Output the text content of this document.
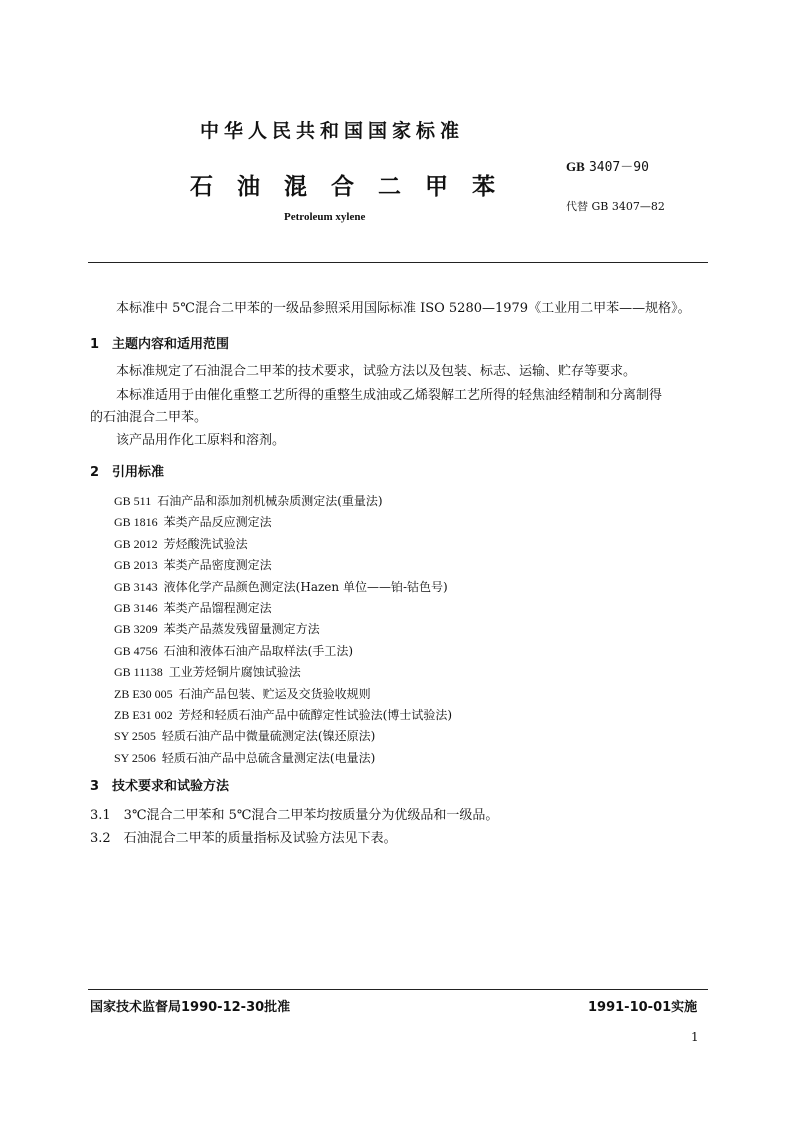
中华人民共和国国家标准
石油混合二甲苯
Petroleum xylene
GB 3407－90
代替 GB 3407—82
本标准中 5℃混合二甲苯的一级品参照采用国际标准 ISO 5280—1979《工业用二甲苯——规格》。
1　主题内容和适用范围
本标准规定了石油混合二甲苯的技术要求，试验方法以及包装、标志、运输、贮存等要求。
本标准适用于由催化重整工艺所得的重整生成油或乙烯裂解工艺所得的轻焦油经精制和分离制得
的石油混合二甲苯。
该产品用作化工原料和溶剂。
2　引用标准
GB 511 石油产品和添加剂机械杂质测定法(重量法)
GB 1816 苯类产品反应测定法
GB 2012 芳烃酸洗试验法
GB 2013 苯类产品密度测定法
GB 3143 液体化学产品颜色测定法(Hazen 单位——铂-钴色号)
GB 3146 苯类产品馏程测定法
GB 3209 苯类产品蒸发残留量测定方法
GB 4756 石油和液体石油产品取样法(手工法)
GB 11138 工业芳烃铜片腐蚀试验法
ZB E30 005 石油产品包装、贮运及交货验收规则
ZB E31 002 芳烃和轻质石油产品中硫醇定性试验法(博士试验法)
SY 2505 轻质石油产品中微量硫测定法(镍还原法)
SY 2506 轻质石油产品中总硫含量测定法(电量法)
3　技术要求和试验方法
3.1　3℃混合二甲苯和 5℃混合二甲苯均按质量分为优级品和一级品。
3.2　石油混合二甲苯的质量指标及试验方法见下表。
国家技术监督局1990-12-30批准	1991-10-01实施
1
